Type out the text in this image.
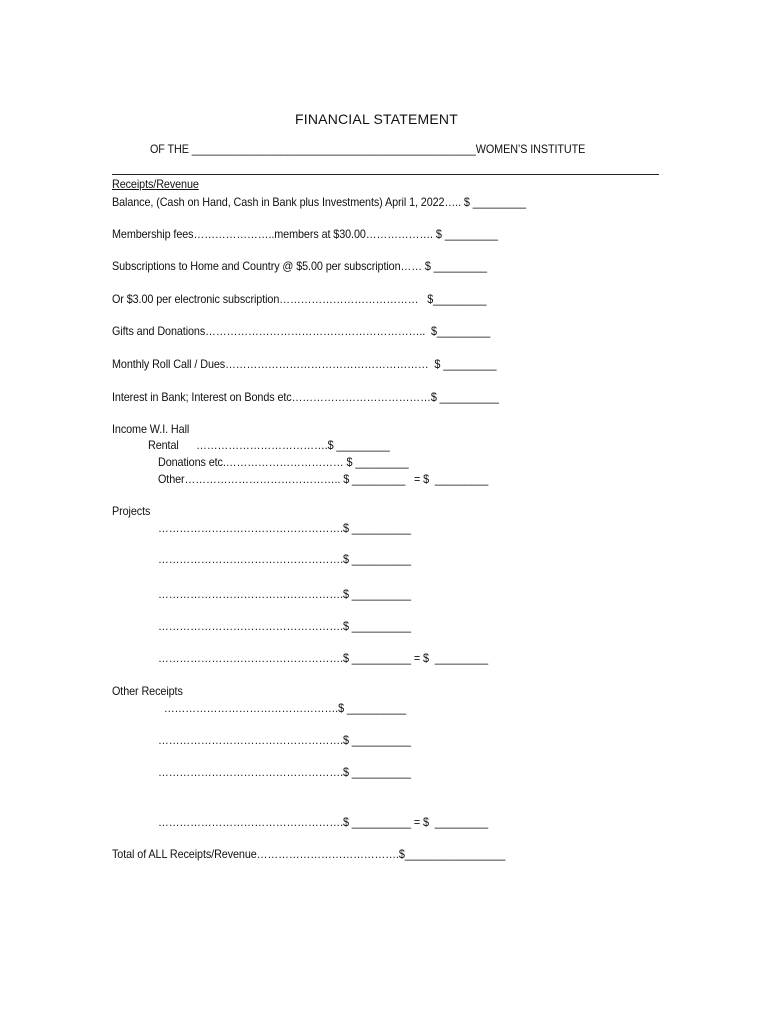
FINANCIAL STATEMENT
OF THE ________________________________________________WOMEN’S INSTITUTE
Receipts/Revenue
Balance, (Cash on Hand, Cash in Bank plus Investments) April 1, 2022….. $ _________
Membership fees…………………..members at $30.00………………. $ _________
Subscriptions to Home and Country @ $5.00 per subscription…… $ _________
Or $3.00 per electronic subscription…………………………………   $_________
Gifts and Donations……………………………………………………..  $_________
Monthly Roll Call / Dues…………………………………………………  $ _________
Interest in Bank; Interest on Bonds etc…………………………………$ __________
Income W.I. Hall
Rental      ……………………………….$ _________
Donations etc.…………………………… $ _________
Other…………………………………….. $ _________   = $  _________
Projects
…………………………………………….$ __________
…………………………………………….$ __________
…………………………………………….$ __________
…………………………………………….$ __________
…………………………………………….$ __________ = $  _________
Other Receipts
………………………………………….$ __________
…………………………………………….$ __________
…………………………………………….$ __________
…………………………………………….$ __________ = $  _________
Total of ALL Receipts/Revenue………………………………….$_________________
